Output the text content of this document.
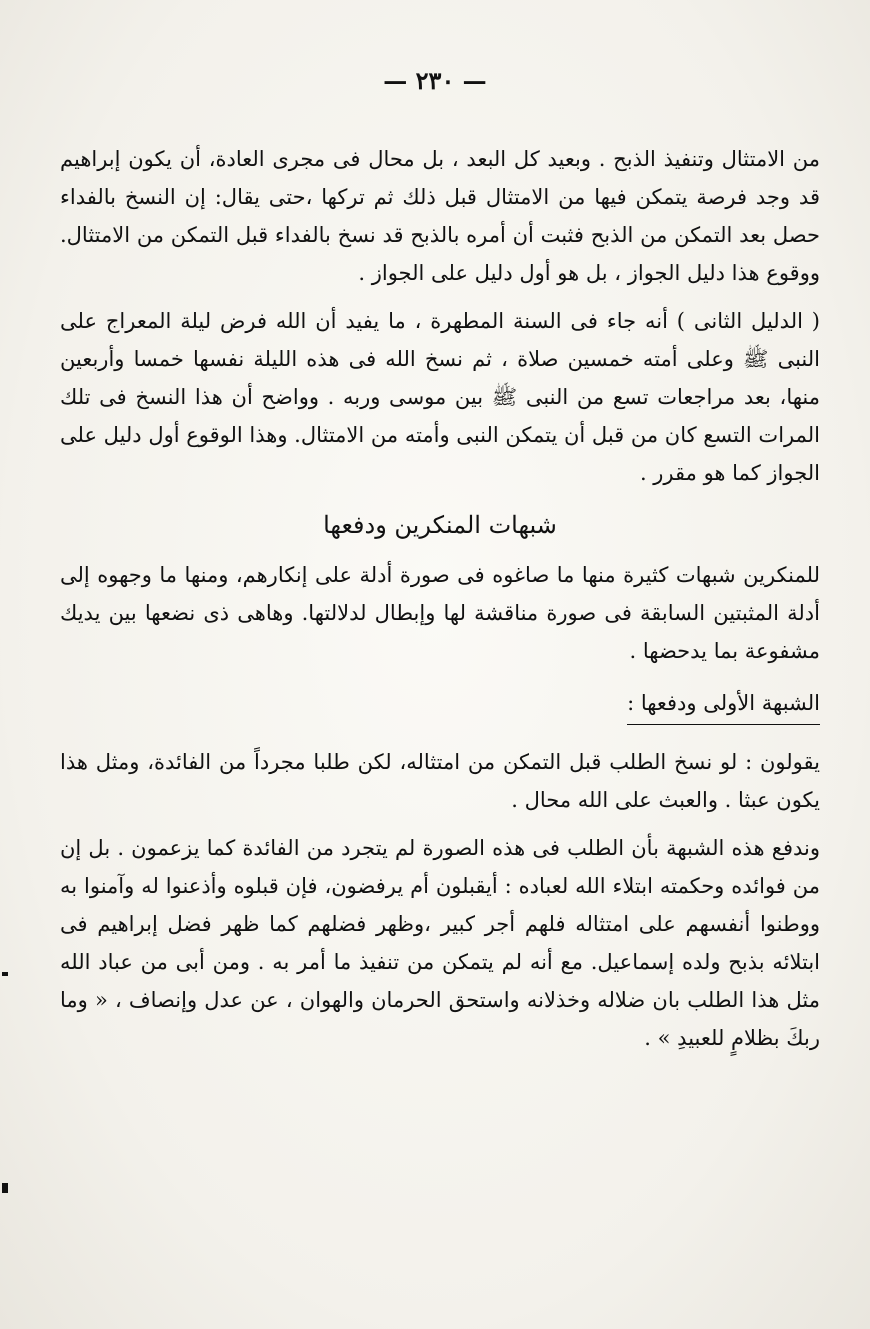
— ٢٣٠ —

من الامتثال وتنفيذ الذبح . وبعيد كل البعد ، بل محال فى مجرى العادة، أن يكون إبراهيم قد وجد فرصة يتمكن فيها من الامتثال قبل ذلك ثم تركها ،حتى يقال: إن النسخ بالفداء حصل بعد التمكن من الذبح فثبت أن أمره بالذبح قد نسخ بالفداء قبل التمكن من الامتثال. ووقوع هذا دليل الجواز ، بل هو أول دليل على الجواز .

( الدليل الثانى ) أنه جاء فى السنة المطهرة ، ما يفيد أن الله فرض ليلة المعراج على النبى ﷺ وعلى أمته خمسين صلاة ، ثم نسخ الله فى هذه الليلة نفسها خمسا وأربعين منها، بعد مراجعات تسع من النبى ﷺ بين موسى وربه . وواضح أن هذا النسخ فى تلك المرات التسع كان من قبل أن يتمكن النبى وأمته من الامتثال. وهذا الوقوع أول دليل على الجواز كما هو مقرر .

شبهات المنكرين ودفعها

للمنكرين شبهات كثيرة منها ما صاغوه فى صورة أدلة على إنكارهم، ومنها ما وجهوه إلى أدلة المثبتين السابقة فى صورة مناقشة لها وإبطال لدلالتها. وهاهى ذى نضعها بين يديك مشفوعة بما يدحضها .

الشبهة الأولى ودفعها :

يقولون : لو نسخ الطلب قبل التمكن من امتثاله، لكن طلبا مجرداً من الفائدة، ومثل هذا يكون عبثا . والعبث على الله محال .

وندفع هذه الشبهة بأن الطلب فى هذه الصورة لم يتجرد من الفائدة كما يزعمون . بل إن من فوائده وحكمته ابتلاء الله لعباده : أيقبلون أم يرفضون، فإن قبلوه وأذعنوا له وآمنوا به ووطنوا أنفسهم على امتثاله فلهم أجر كبير ،وظهر فضلهم كما ظهر فضل إبراهيم فى ابتلائه بذبح ولده إسماعيل. مع أنه لم يتمكن من تنفيذ ما أمر به . ومن أبى من عباد الله مثل هذا الطلب بان ضلاله وخذلانه واستحق الحرمان والهوان ، عن عدل وإنصاف ، « وما ربكَ بظلامٍ للعبيدِ » .
